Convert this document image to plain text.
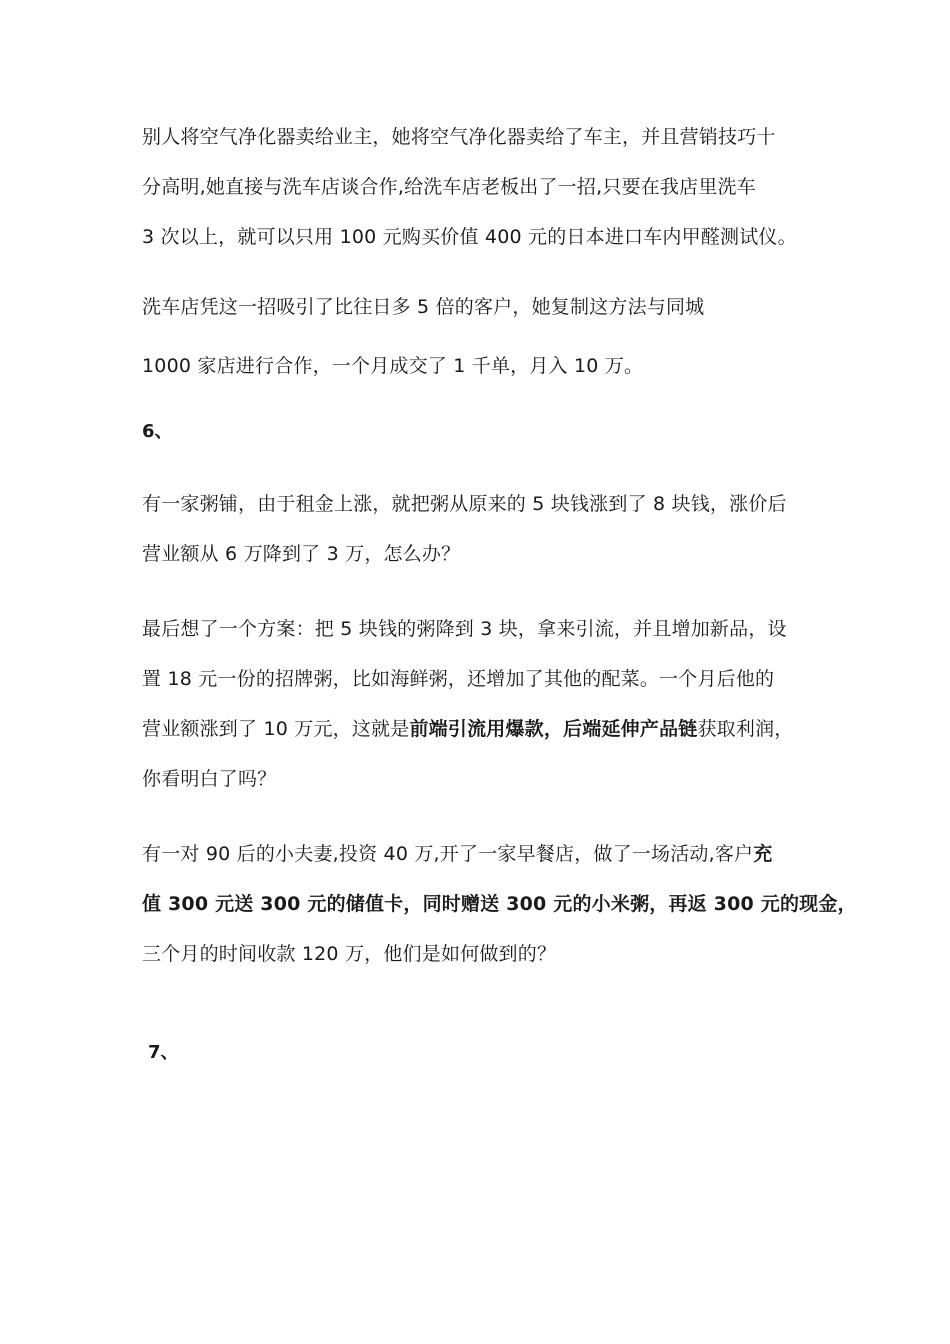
别人将空气净化器卖给业主，她将空气净化器卖给了车主，并且营销技巧十
分高明,她直接与洗车店谈合作,给洗车店老板出了一招,只要在我店里洗车
3 次以上，就可以只用 100 元购买价值 400 元的日本进口车内甲醛测试仪。
洗车店凭这一招吸引了比往日多 5 倍的客户，她复制这方法与同城
1000 家店进行合作，一个月成交了 1 千单，月入 10 万。
6、
有一家粥铺，由于租金上涨，就把粥从原来的 5 块钱涨到了 8 块钱，涨价后
营业额从 6 万降到了 3 万，怎么办？
最后想了一个方案：把 5 块钱的粥降到 3 块，拿来引流，并且增加新品，设
置 18 元一份的招牌粥，比如海鲜粥，还增加了其他的配菜。一个月后他的
营业额涨到了 10 万元，这就是前端引流用爆款，后端延伸产品链获取利润，
你看明白了吗？
有一对 90 后的小夫妻,投资 40 万,开了一家早餐店，做了一场活动,客户充
值 300 元送 300 元的储值卡，同时赠送 300 元的小米粥，再返 300 元的现金，
三个月的时间收款 120 万，他们是如何做到的？
7、
